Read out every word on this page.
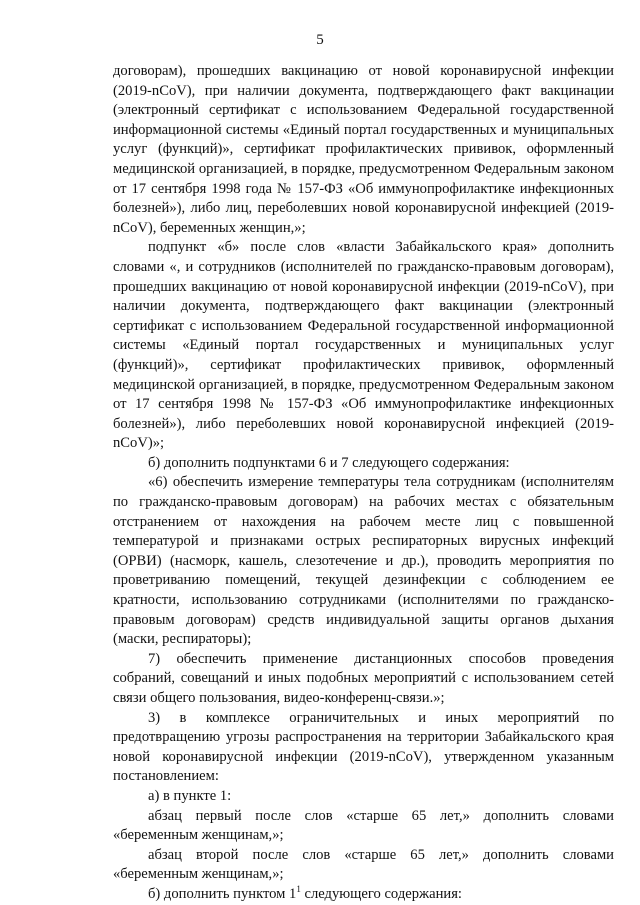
5

договорам), прошедших вакцинацию от новой коронавирусной инфекции (2019-nCoV), при наличии документа, подтверждающего факт вакцинации (электронный сертификат с использованием Федеральной государственной информационной системы «Единый портал государственных и муниципальных услуг (функций)», сертификат профилактических прививок, оформленный медицинской организацией, в порядке, предусмотренном Федеральным законом от 17 сентября 1998 года № 157-ФЗ «Об иммунопрофилактике инфекционных болезней»), либо лиц, переболевших новой коронавирусной инфекцией (2019-nCoV), беременных женщин,»;

подпункт «б» после слов «власти Забайкальского края» дополнить словами «, и сотрудников (исполнителей по гражданско-правовым договорам), прошедших вакцинацию от новой коронавирусной инфекции (2019-nCoV), при наличии документа, подтверждающего факт вакцинации (электронный сертификат с использованием Федеральной государственной информационной системы «Единый портал государственных и муниципальных услуг (функций)», сертификат профилактических прививок, оформленный медицинской организацией, в порядке, предусмотренном Федеральным законом от 17 сентября 1998 № 157-ФЗ «Об иммунопрофилактике инфекционных болезней»), либо переболевших новой коронавирусной инфекцией (2019-nCoV)»;

б) дополнить подпунктами 6 и 7 следующего содержания:

«6) обеспечить измерение температуры тела сотрудникам (исполнителям по гражданско-правовым договорам) на рабочих местах с обязательным отстранением от нахождения на рабочем месте лиц с повышенной температурой и признаками острых респираторных вирусных инфекций (ОРВИ) (насморк, кашель, слезотечение и др.), проводить мероприятия по проветриванию помещений, текущей дезинфекции с соблюдением ее кратности, использованию сотрудниками (исполнителями по гражданско-правовым договорам) средств индивидуальной защиты органов дыхания (маски, респираторы);

7) обеспечить применение дистанционных способов проведения собраний, совещаний и иных подобных мероприятий с использованием сетей связи общего пользования, видео-конференц-связи.»;

3) в комплексе ограничительных и иных мероприятий по предотвращению угрозы распространения на территории Забайкальского края новой коронавирусной инфекции (2019-nCoV), утвержденном указанным постановлением:

а) в пункте 1:

абзац первый после слов «старше 65 лет,» дополнить словами «беременным женщинам,»;

абзац второй после слов «старше 65 лет,» дополнить словами «беременным женщинам,»;

б) дополнить пунктом $1^1$ следующего содержания:
